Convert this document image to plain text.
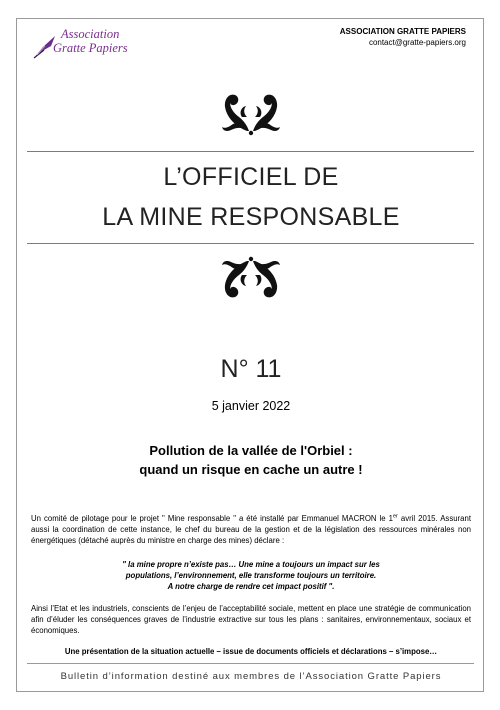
Association
Gratte Papiers
ASSOCIATION GRATTE PAPIERS
contact@gratte-papiers.org
L’OFFICIEL DE
LA MINE RESPONSABLE
N° 11
5 janvier 2022
Pollution de la vallée de l'Orbiel :
quand un risque en cache un autre !
Un comité de pilotage pour le projet " Mine responsable " a été installé par Emmanuel MACRON le 1er avril 2015. Assurant aussi la coordination de cette instance, le chef du bureau de la gestion et de la législation des ressources minérales non énergétiques (détaché auprès du ministre en charge des mines) déclare :
" la mine propre n’existe pas… Une mine a toujours un impact sur les
populations, l’environnement, elle transforme toujours un territoire.
A notre charge de rendre cet impact positif ".
Ainsi l’Etat et les industriels, conscients de l’enjeu de l’acceptabilité sociale, mettent en place une stratégie de communication afin d’éluder les conséquences graves de l’industrie extractive sur tous les plans : sanitaires, environnementaux, sociaux et économiques.
Une présentation de la situation actuelle – issue de documents officiels et déclarations – s’impose…
Bulletin d’information destiné aux membres de l’Association Gratte Papiers
